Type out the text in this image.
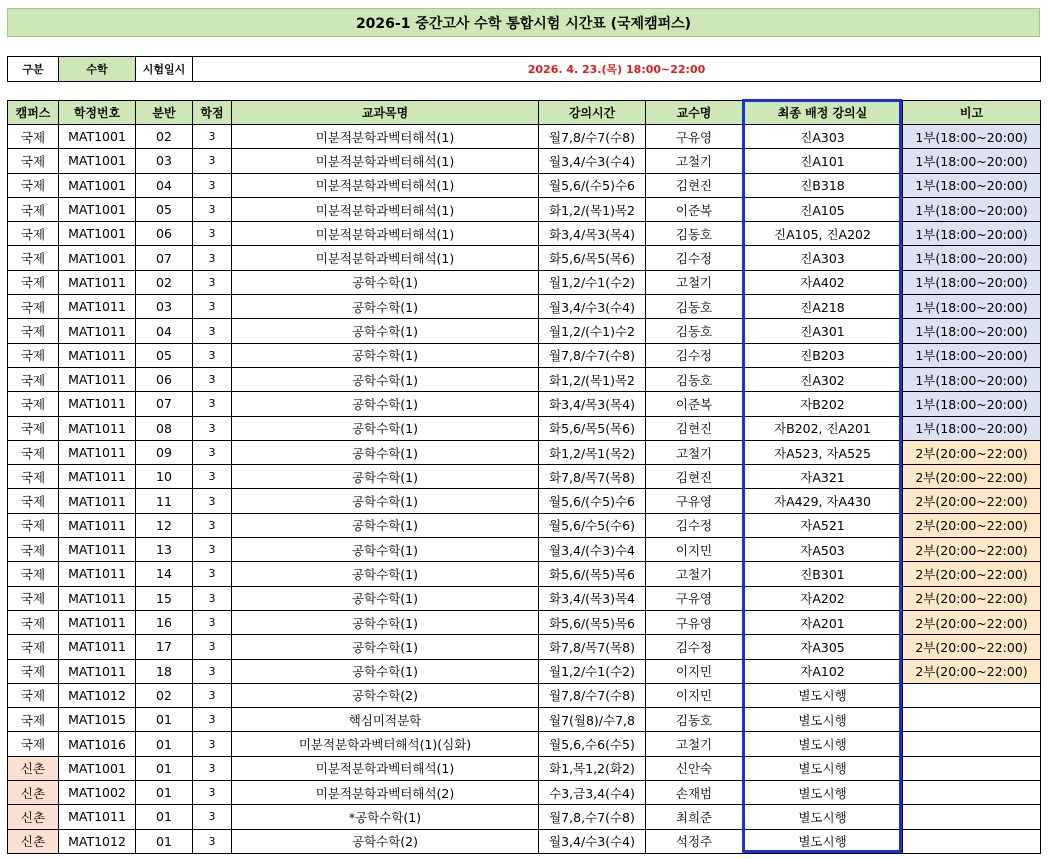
2026-1 중간고사 수학 통합시험 시간표 (국제캠퍼스)
구분	수학	시험일시	2026. 4. 23.(목) 18:00~22:00
캠퍼스	학정번호	분반	학점	교과목명	강의시간	교수명	최종 배정 강의실	비고
국제	MAT1001	02	3	미분적분학과벡터해석(1)	월7,8/수7(수8)	구유영	진A303	1부(18:00~20:00)
국제	MAT1001	03	3	미분적분학과벡터해석(1)	월3,4/수3(수4)	고철기	진A101	1부(18:00~20:00)
국제	MAT1001	04	3	미분적분학과벡터해석(1)	월5,6/(수5)수6	김현진	진B318	1부(18:00~20:00)
국제	MAT1001	05	3	미분적분학과벡터해석(1)	화1,2/(목1)목2	이준복	진A105	1부(18:00~20:00)
국제	MAT1001	06	3	미분적분학과벡터해석(1)	화3,4/목3(목4)	김동호	진A105, 진A202	1부(18:00~20:00)
국제	MAT1001	07	3	미분적분학과벡터해석(1)	화5,6/목5(목6)	김수정	진A303	1부(18:00~20:00)
국제	MAT1011	02	3	공학수학(1)	월1,2/수1(수2)	고철기	자A402	1부(18:00~20:00)
국제	MAT1011	03	3	공학수학(1)	월3,4/수3(수4)	김동호	진A218	1부(18:00~20:00)
국제	MAT1011	04	3	공학수학(1)	월1,2/(수1)수2	김동호	진A301	1부(18:00~20:00)
국제	MAT1011	05	3	공학수학(1)	월7,8/수7(수8)	김수정	진B203	1부(18:00~20:00)
국제	MAT1011	06	3	공학수학(1)	화1,2/(목1)목2	김동호	진A302	1부(18:00~20:00)
국제	MAT1011	07	3	공학수학(1)	화3,4/목3(목4)	이준복	자B202	1부(18:00~20:00)
국제	MAT1011	08	3	공학수학(1)	화5,6/목5(목6)	김현진	자B202, 진A201	1부(18:00~20:00)
국제	MAT1011	09	3	공학수학(1)	화1,2/목1(목2)	고철기	자A523, 자A525	2부(20:00~22:00)
국제	MAT1011	10	3	공학수학(1)	화7,8/목7(목8)	김현진	자A321	2부(20:00~22:00)
국제	MAT1011	11	3	공학수학(1)	월5,6/(수5)수6	구유영	자A429, 자A430	2부(20:00~22:00)
국제	MAT1011	12	3	공학수학(1)	월5,6/수5(수6)	김수정	자A521	2부(20:00~22:00)
국제	MAT1011	13	3	공학수학(1)	월3,4/(수3)수4	이지민	자A503	2부(20:00~22:00)
국제	MAT1011	14	3	공학수학(1)	화5,6/(목5)목6	고철기	진B301	2부(20:00~22:00)
국제	MAT1011	15	3	공학수학(1)	화3,4/(목3)목4	구유영	자A202	2부(20:00~22:00)
국제	MAT1011	16	3	공학수학(1)	화5,6/(목5)목6	구유영	자A201	2부(20:00~22:00)
국제	MAT1011	17	3	공학수학(1)	화7,8/목7(목8)	김수정	자A305	2부(20:00~22:00)
국제	MAT1011	18	3	공학수학(1)	월1,2/수1(수2)	이지민	자A102	2부(20:00~22:00)
국제	MAT1012	02	3	공학수학(2)	월7,8/수7(수8)	이지민	별도시행	
국제	MAT1015	01	3	핵심미적분학	월7(월8)/수7,8	김동호	별도시행	
국제	MAT1016	01	3	미분적분학과벡터해석(1)(심화)	월5,6,수6(수5)	고철기	별도시행	
신촌	MAT1001	01	3	미분적분학과벡터해석(1)	화1,목1,2(화2)	신안숙	별도시행	
신촌	MAT1002	01	3	미분적분학과벡터해석(2)	수3,금3,4(수4)	손재범	별도시행	
신촌	MAT1011	01	3	*공학수학(1)	월7,8,수7(수8)	최희준	별도시행	
신촌	MAT1012	01	3	공학수학(2)	월3,4/수3(수4)	석정주	별도시행	
